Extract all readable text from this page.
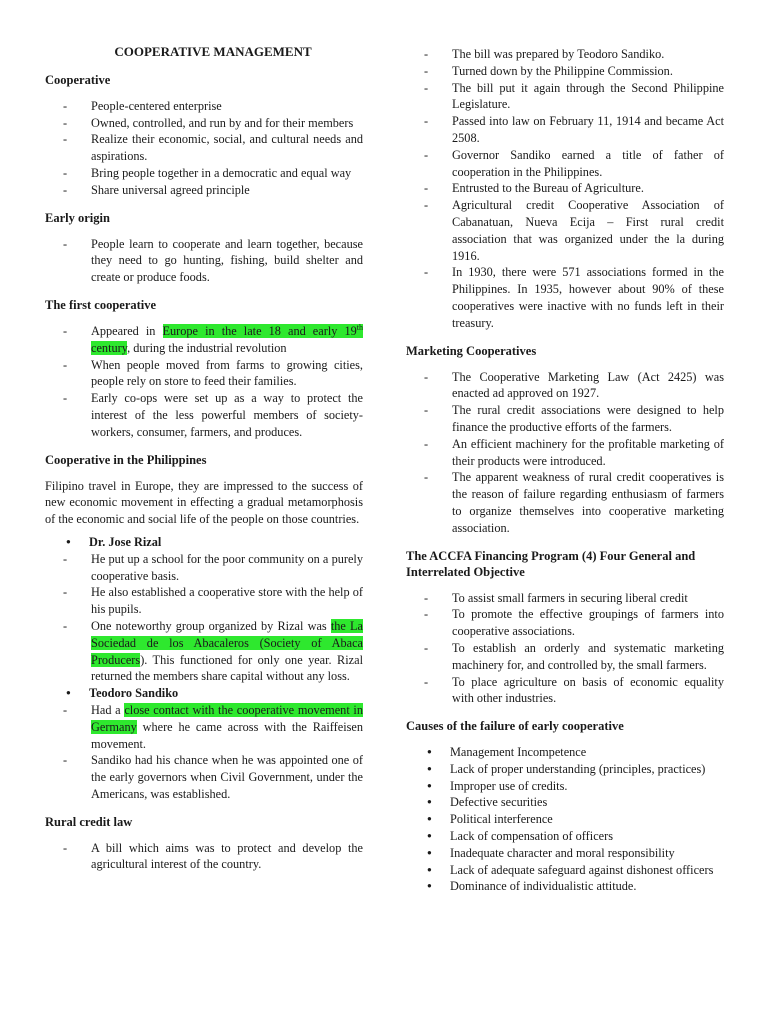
COOPERATIVE MANAGEMENT
Cooperative
- People-centered enterprise
- Owned, controlled, and run by and for their members
- Realize their economic, social, and cultural needs and aspirations.
- Bring people together in a democratic and equal way
- Share universal agreed principle
Early origin
- People learn to cooperate and learn together, because they need to go hunting, fishing, build shelter and create or produce foods.
The first cooperative
- Appeared in Europe in the late 18 and early 19th century, during the industrial revolution
- When people moved from farms to growing cities, people rely on store to feed their families.
- Early co-ops were set up as a way to protect the interest of the less powerful members of society- workers, consumer, farmers, and produces.
Cooperative in the Philippines

Filipino travel in Europe, they are impressed to the success of new economic movement in effecting a gradual metamorphosis of the economic and social life of the people on those countries.

● Dr. Jose Rizal
- He put up a school for the poor community on a purely cooperative basis.
- He also established a cooperative store with the help of his pupils.
- One noteworthy group organized by Rizal was the La Sociedad de los Abacaleros (Society of Abaca Producers). This functioned for only one year. Rizal returned the members share capital without any loss.
● Teodoro Sandiko
- Had a close contact with the cooperative movement in Germany where he came across with the Raiffeisen movement.
- Sandiko had his chance when he was appointed one of the early governors when Civil Government, under the Americans, was established.
Rural credit law
- A bill which aims was to protect and develop the agricultural interest of the country.
- The bill was prepared by Teodoro Sandiko.
- Turned down by the Philippine Commission.
- The bill put it again through the Second Philippine Legislature.
- Passed into law on February 11, 1914 and became Act 2508.
- Governor Sandiko earned a title of father of cooperation in the Philippines.
- Entrusted to the Bureau of Agriculture.
- Agricultural credit Cooperative Association of Cabanatuan, Nueva Ecija – First rural credit association that was organized under the la during 1916.
- In 1930, there were 571 associations formed in the Philippines. In 1935, however about 90% of these cooperatives were inactive with no funds left in their treasury.
Marketing Cooperatives
- The Cooperative Marketing Law (Act 2425) was enacted ad approved on 1927.
- The rural credit associations were designed to help finance the productive efforts of the farmers.
- An efficient machinery for the profitable marketing of their products were introduced.
- The apparent weakness of rural credit cooperatives is the reason of failure regarding enthusiasm of farmers to organize themselves into cooperative marketing association.
The ACCFA Financing Program (4) Four General and Interrelated Objective
- To assist small farmers in securing liberal credit
- To promote the effective groupings of farmers into cooperative associations.
- To establish an orderly and systematic marketing machinery for, and controlled by, the small farmers.
- To place agriculture on basis of economic equality with other industries.
Causes of the failure of early cooperative
● Management Incompetence
● Lack of proper understanding (principles, practices)
● Improper use of credits.
● Defective securities
● Political interference
● Lack of compensation of officers
● Inadequate character and moral responsibility
● Lack of adequate safeguard against dishonest officers
● Dominance of individualistic attitude.
